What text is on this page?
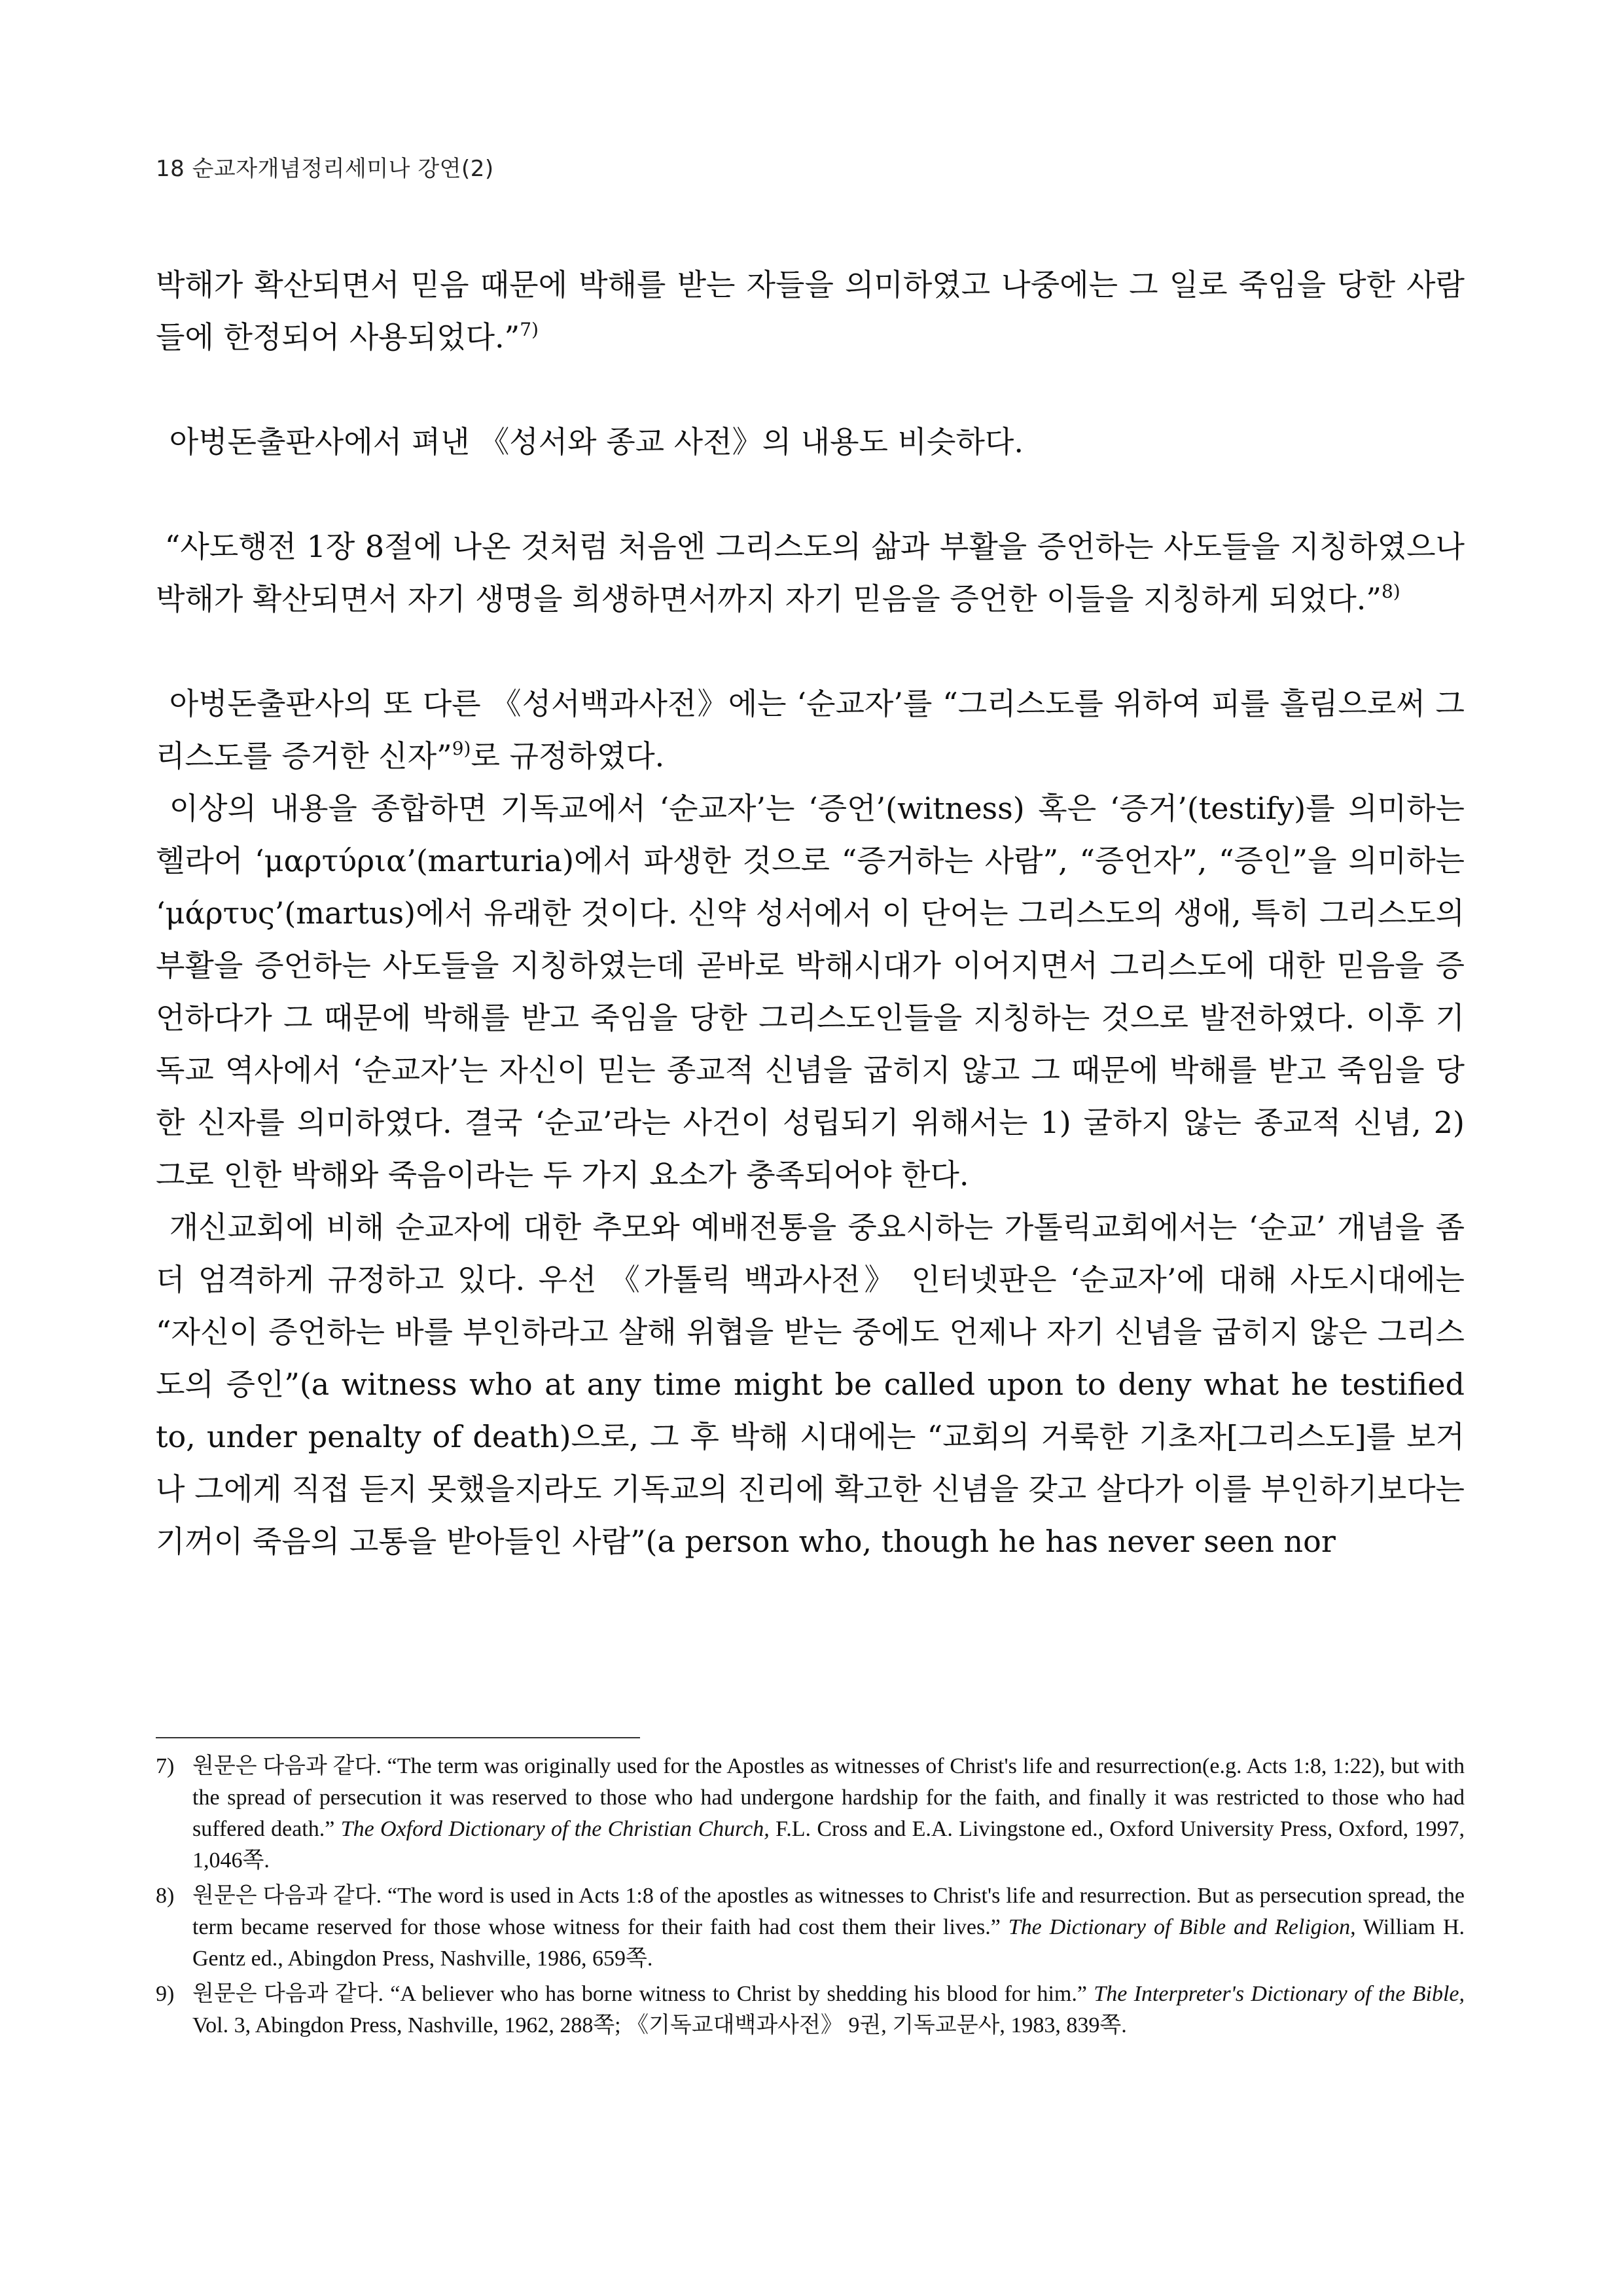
18 순교자개념정리세미나 강연(2)

박해가 확산되면서 믿음 때문에 박해를 받는 자들을 의미하였고 나중에는 그 일로 죽임을 당한 사람들에 한정되어 사용되었다.”$^{7)}$

아벙돈출판사에서 펴낸 《성서와 종교 사전》의 내용도 비슷하다.

“사도행전 1장 8절에 나온 것처럼 처음엔 그리스도의 삶과 부활을 증언하는 사도들을 지칭하였으나 박해가 확산되면서 자기 생명을 희생하면서까지 자기 믿음을 증언한 이들을 지칭하게 되었다.”$^{8)}$

아벙돈출판사의 또 다른 《성서백과사전》에는 ‘순교자’를 “그리스도를 위하여 피를 흘림으로써 그리스도를 증거한 신자”$^{9)}$로 규정하였다.

이상의 내용을 종합하면 기독교에서 ‘순교자’는 ‘증언’(witness) 혹은 ‘증거’(testify)를 의미하는 헬라어 ‘μαρτύρια’(marturia)에서 파생한 것으로 “증거하는 사람”, “증언자”, “증인”을 의미하는 ‘μάρτυς’(martus)에서 유래한 것이다. 신약 성서에서 이 단어는 그리스도의 생애, 특히 그리스도의 부활을 증언하는 사도들을 지칭하였는데 곧바로 박해시대가 이어지면서 그리스도에 대한 믿음을 증언하다가 그 때문에 박해를 받고 죽임을 당한 그리스도인들을 지칭하는 것으로 발전하였다. 이후 기독교 역사에서 ‘순교자’는 자신이 믿는 종교적 신념을 굽히지 않고 그 때문에 박해를 받고 죽임을 당한 신자를 의미하였다. 결국 ‘순교’라는 사건이 성립되기 위해서는 1) 굴하지 않는 종교적 신념, 2) 그로 인한 박해와 죽음이라는 두 가지 요소가 충족되어야 한다.

개신교회에 비해 순교자에 대한 추모와 예배전통을 중요시하는 가톨릭교회에서는 ‘순교’ 개념을 좀 더 엄격하게 규정하고 있다. 우선 《가톨릭 백과사전》 인터넷판은 ‘순교자’에 대해 사도시대에는 “자신이 증언하는 바를 부인하라고 살해 위협을 받는 중에도 언제나 자기 신념을 굽히지 않은 그리스도의 증인”(a witness who at any time might be called upon to deny what he testified to, under penalty of death)으로, 그 후 박해 시대에는 “교회의 거룩한 기초자[그리스도]를 보거나 그에게 직접 듣지 못했을지라도 기독교의 진리에 확고한 신념을 갖고 살다가 이를 부인하기보다는 기꺼이 죽음의 고통을 받아들인 사람”(a person who, though he has never seen nor

7) 원문은 다음과 같다. “The term was originally used for the Apostles as witnesses of Christ's life and resurrection(e.g. Acts 1:8, 1:22), but with the spread of persecution it was reserved to those who had undergone hardship for the faith, and finally it was restricted to those who had suffered death.” The Oxford Dictionary of the Christian Church, F.L. Cross and E.A. Livingstone ed., Oxford University Press, Oxford, 1997, 1,046쪽.
8) 원문은 다음과 같다. “The word is used in Acts 1:8 of the apostles as witnesses to Christ's life and resurrection. But as persecution spread, the term became reserved for those whose witness for their faith had cost them their lives.” The Dictionary of Bible and Religion, William H. Gentz ed., Abingdon Press, Nashville, 1986, 659쪽.
9) 원문은 다음과 같다. “A believer who has borne witness to Christ by shedding his blood for him.” The Interpreter's Dictionary of the Bible, Vol. 3, Abingdon Press, Nashville, 1962, 288쪽; 《기독교대백과사전》 9권, 기독교문사, 1983, 839쪽.
